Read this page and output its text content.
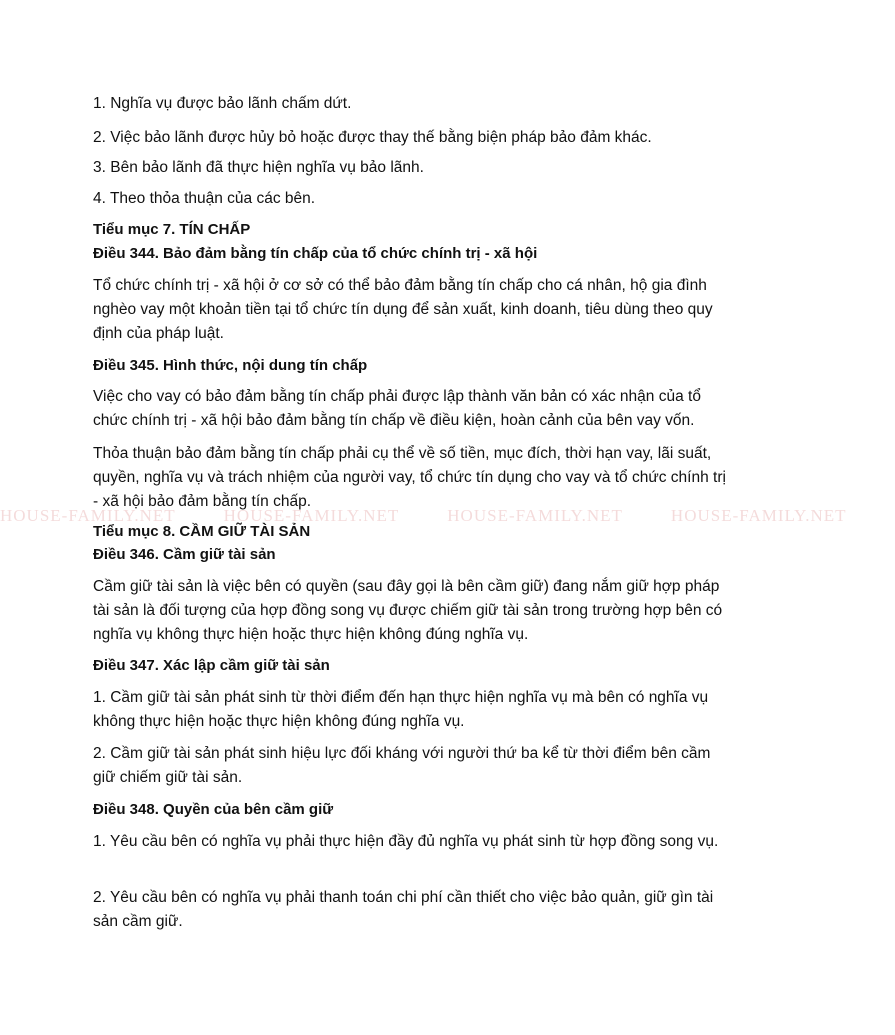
HOUSE-FAMILY.NET	HOUSE-FAMILY.NET	HOUSE-FAMILY.NET	HOUSE-FAMILY.NET

1. Nghĩa vụ được bảo lãnh chấm dứt.

2. Việc bảo lãnh được hủy bỏ hoặc được thay thế bằng biện pháp bảo đảm khác.

3. Bên bảo lãnh đã thực hiện nghĩa vụ bảo lãnh.

4. Theo thỏa thuận của các bên.

Tiểu mục 7. TÍN CHẤP

Điều 344. Bảo đảm bằng tín chấp của tổ chức chính trị - xã hội

Tổ chức chính trị - xã hội ở cơ sở có thể bảo đảm bằng tín chấp cho cá nhân, hộ gia đình nghèo vay một khoản tiền tại tổ chức tín dụng để sản xuất, kinh doanh, tiêu dùng theo quy định của pháp luật.

Điều 345. Hình thức, nội dung tín chấp

Việc cho vay có bảo đảm bằng tín chấp phải được lập thành văn bản có xác nhận của tổ chức chính trị - xã hội bảo đảm bằng tín chấp về điều kiện, hoàn cảnh của bên vay vốn.

Thỏa thuận bảo đảm bằng tín chấp phải cụ thể về số tiền, mục đích, thời hạn vay, lãi suất, quyền, nghĩa vụ và trách nhiệm của người vay, tổ chức tín dụng cho vay và tổ chức chính trị - xã hội bảo đảm bằng tín chấp.

Tiểu mục 8. CẦM GIỮ TÀI SẢN

Điều 346. Cầm giữ tài sản

Cầm giữ tài sản là việc bên có quyền (sau đây gọi là bên cầm giữ) đang nắm giữ hợp pháp tài sản là đối tượng của hợp đồng song vụ được chiếm giữ tài sản trong trường hợp bên có nghĩa vụ không thực hiện hoặc thực hiện không đúng nghĩa vụ.

Điều 347. Xác lập cầm giữ tài sản

1. Cầm giữ tài sản phát sinh từ thời điểm đến hạn thực hiện nghĩa vụ mà bên có nghĩa vụ không thực hiện hoặc thực hiện không đúng nghĩa vụ.

2. Cầm giữ tài sản phát sinh hiệu lực đối kháng với người thứ ba kể từ thời điểm bên cầm giữ chiếm giữ tài sản.

Điều 348. Quyền của bên cầm giữ

1. Yêu cầu bên có nghĩa vụ phải thực hiện đầy đủ nghĩa vụ phát sinh từ hợp đồng song vụ.

2. Yêu cầu bên có nghĩa vụ phải thanh toán chi phí cần thiết cho việc bảo quản, giữ gìn tài sản cầm giữ.
